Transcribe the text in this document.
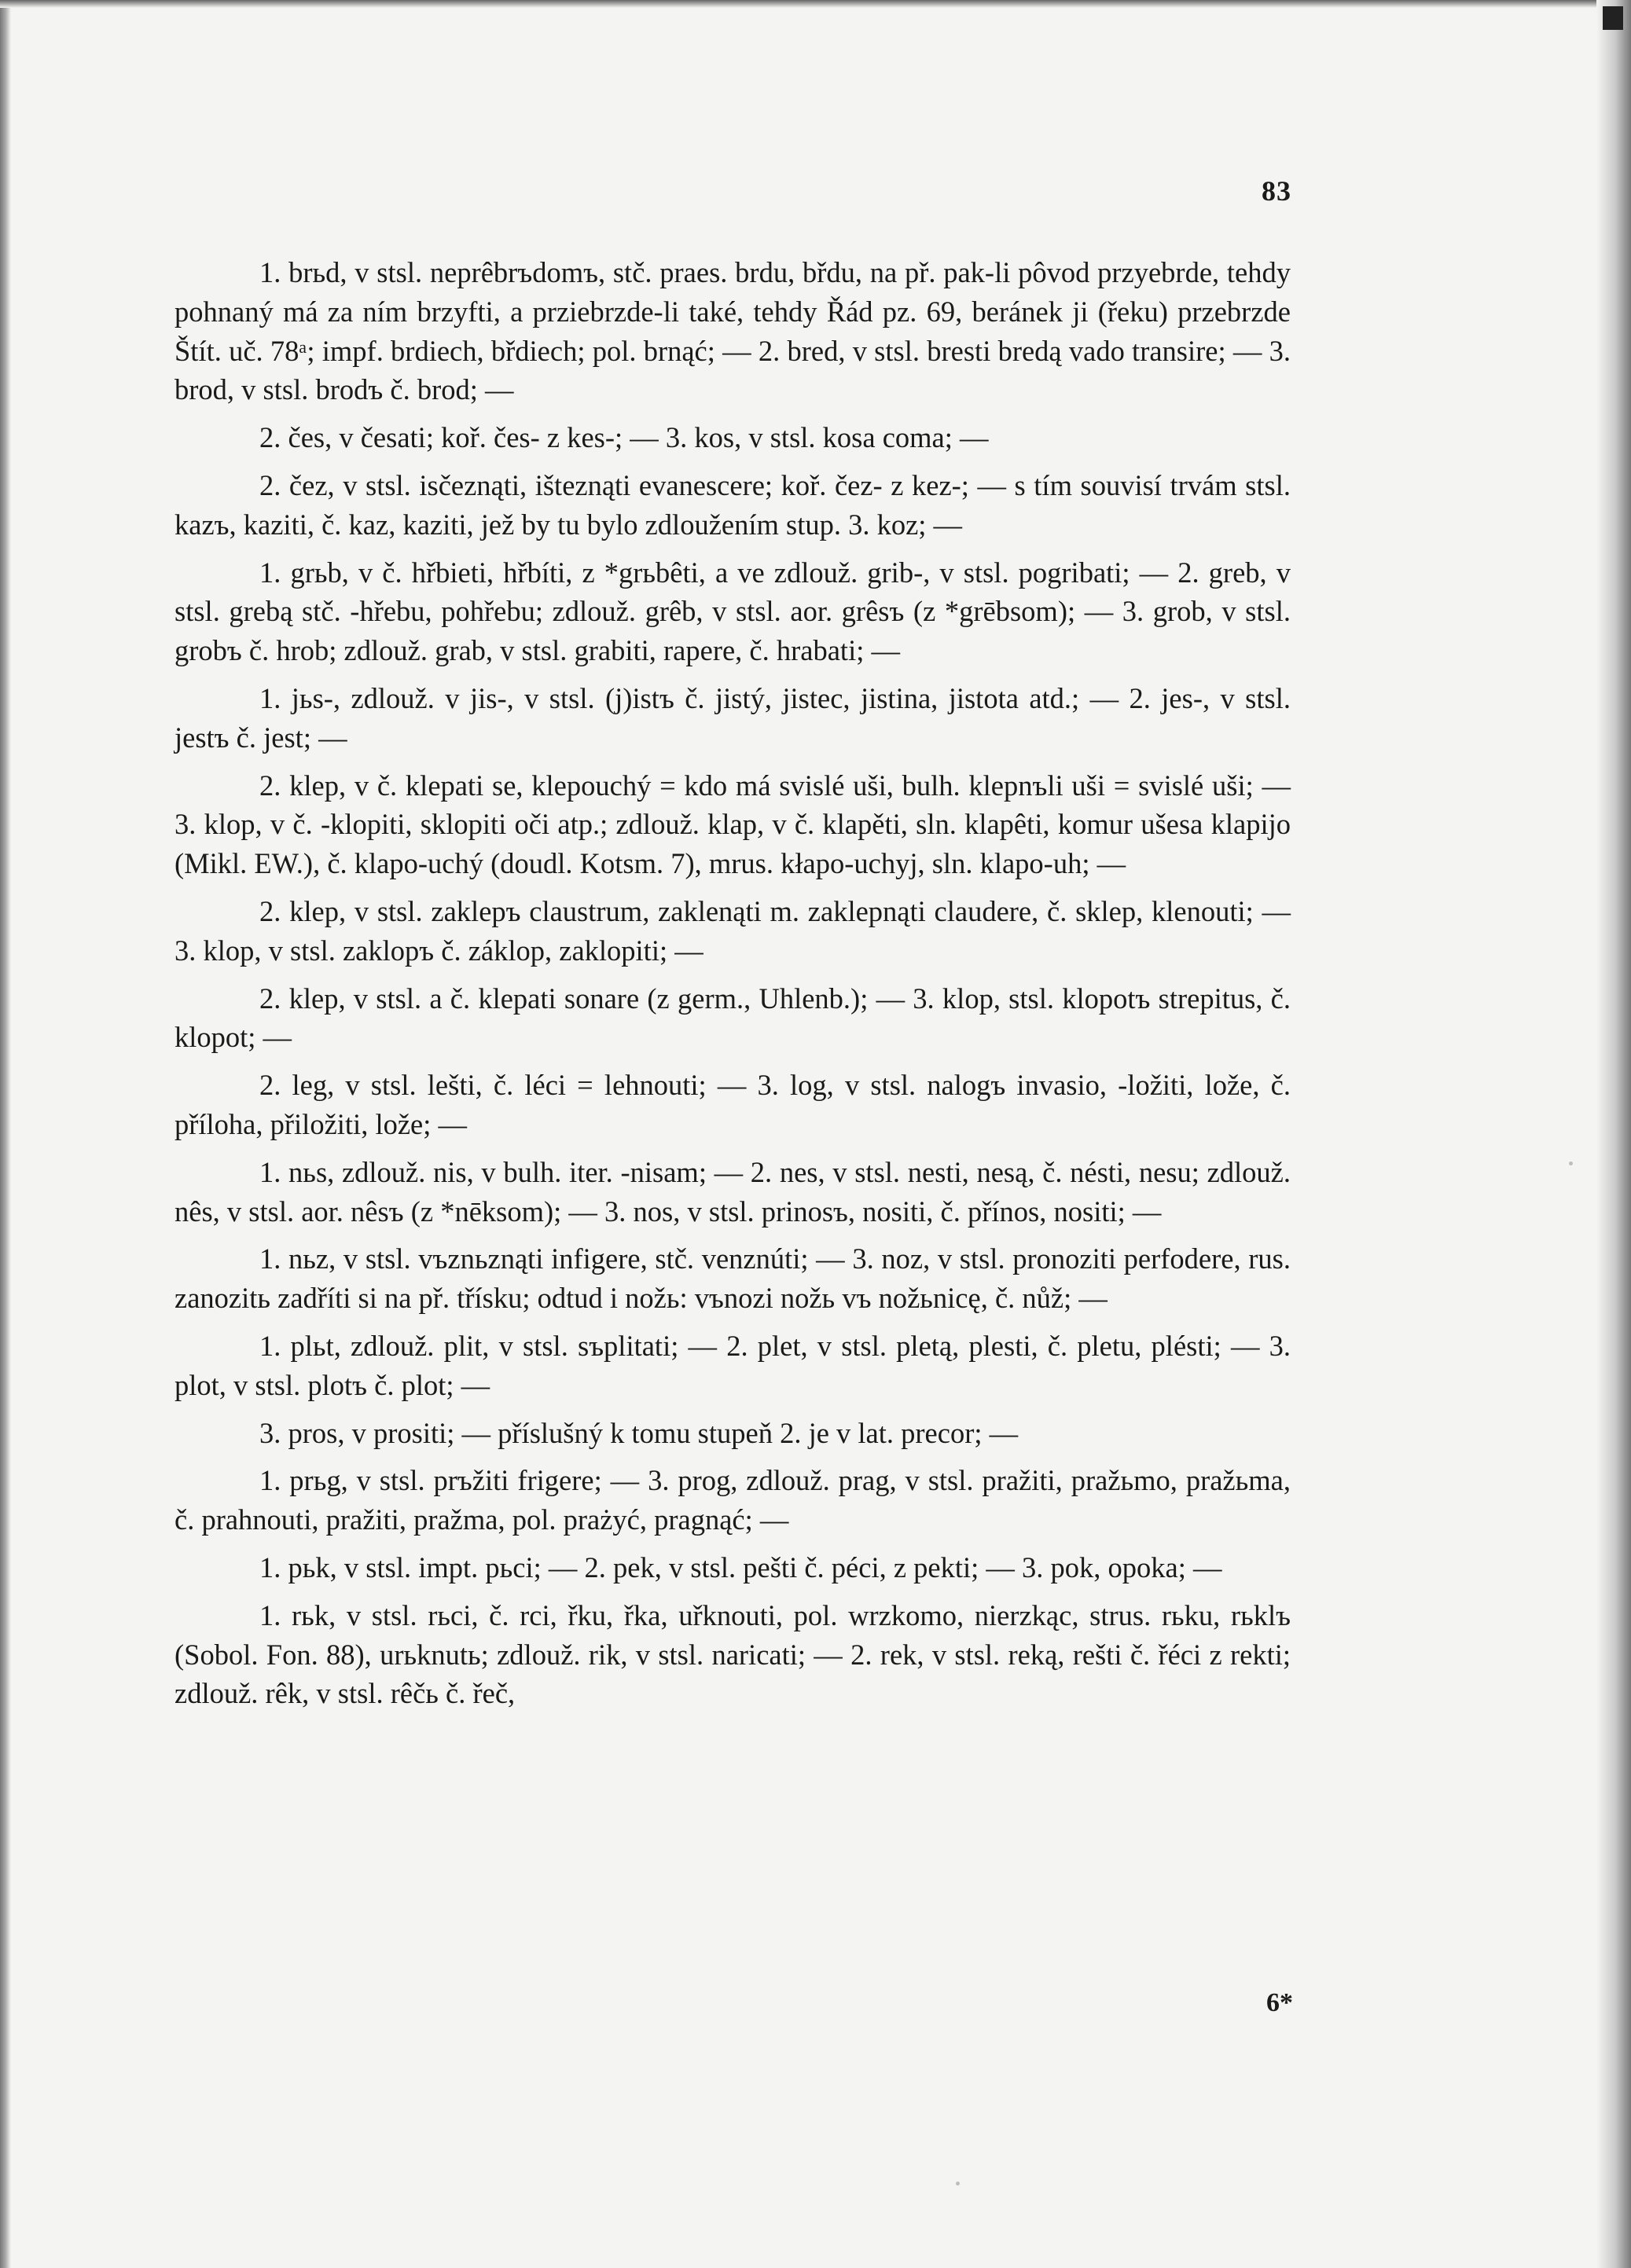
83

1. brьd, v stsl. neprêbrъdomъ, stč. praes. brdu, břdu, na př. pak-li pôvod przyebrde, tehdy pohnaný má za ním brzyfti, a przіebrzde-li také, tehdy Řád pz. 69, beránek ji (řeku) przebrzde Štít. uč. 78ᵃ; impf. brdiech, břdiech; pol. brnąć; — 2. bred, v stsl. bresti bredą vado transire; — 3. brod, v stsl. brodъ č. brod; —

2. čes, v česati; koř. čes- z kes-; — 3. kos, v stsl. kosa coma; —

2. čez, v stsl. isčeznąti, išteznąti evanescere; koř. čez- z kez-; — s tím souvisí trvám stsl. kazъ, kaziti, č. kaz, kaziti, jež by tu bylo zdloužením stup. 3. koz; —

1. grьb, v č. hřbieti, hřbíti, z *grьbêti, a ve zdlouž. grib-, v stsl. pogribati; — 2. greb, v stsl. grebą stč. -hřebu, pohřebu; zdlouž. grêb, v stsl. aor. grêsъ (z *grēbsom); — 3. grob, v stsl. grobъ č. hrob; zdlouž. grab, v stsl. grabiti, rapere, č. hrabati; —

1. jьs-, zdlouž. v jis-, v stsl. (j)istъ č. jistý, jistec, jistina, jistota atd.; — 2. jes-, v stsl. jestъ č. jest; —

2. klep, v č. klepati se, klepouchý = kdo má svislé uši, bulh. klepnъli uši = svislé uši; — 3. klop, v č. -klopiti, sklopiti oči atp.; zdlouž. klap, v č. klapěti, sln. klapêti, komur ušesa klapijo (Mikl. EW.), č. klapo-uchý (doudl. Kotsm. 7), mrus. kłapo-uchyj, sln. klapo-uh; —

2. klep, v stsl. zaklepъ claustrum, zaklenąti m. zaklepnąti claudere, č. sklep, klenouti; — 3. klop, v stsl. zaklopъ č. záklop, zaklopiti; —

2. klep, v stsl. a č. klepati sonare (z germ., Uhlenb.); — 3. klop, stsl. klopotъ strepitus, č. klopot; —

2. leg, v stsl. lešti, č. léci = lehnouti; — 3. log, v stsl. nalogъ invasio, -ložiti, lože, č. příloha, přiložiti, lože; —

1. nьs, zdlouž. nis, v bulh. iter. -nisam; — 2. nes, v stsl. nesti, nesą, č. nésti, nesu; zdlouž. nês, v stsl. aor. nêsъ (z *nēksom); — 3. nos, v stsl. prinosъ, nositi, č. přínos, nositi; —

1. nьz, v stsl. vъznьznąti infigere, stč. venznúti; — 3. noz, v stsl. pronoziti perfodere, rus. zanozitь zadříti si na př. třísku; odtud i nožь: vъnozi nožь vъ nožьnicę, č. nůž; —

1. plьt, zdlouž. plit, v stsl. sъplitati; — 2. plet, v stsl. pletą, plesti, č. pletu, plésti; — 3. plot, v stsl. plotъ č. plot; —

3. pros, v prositi; — příslušný k tomu stupeň 2. je v lat. precor; —

1. prьg, v stsl. prъžiti frigere; — 3. prog, zdlouž. prag, v stsl. pražiti, pražьmo, pražьma, č. prahnouti, pražiti, pražma, pol. prażyć, pragnąć; —

1. pьk, v stsl. impt. pьci; — 2. pek, v stsl. pešti č. péci, z pekti; — 3. pok, opoka; —

1. rьk, v stsl. rьci, č. rci, řku, řka, uřknouti, pol. wrzkomo, nierzkąc, strus. rьku, rьklъ (Sobol. Fon. 88), urьknutь; zdlouž. rik, v stsl. naricati; — 2. rek, v stsl. reką, rešti č. řéci z rekti; zdlouž. rêk, v stsl. rêčь č. řeč,

6*
